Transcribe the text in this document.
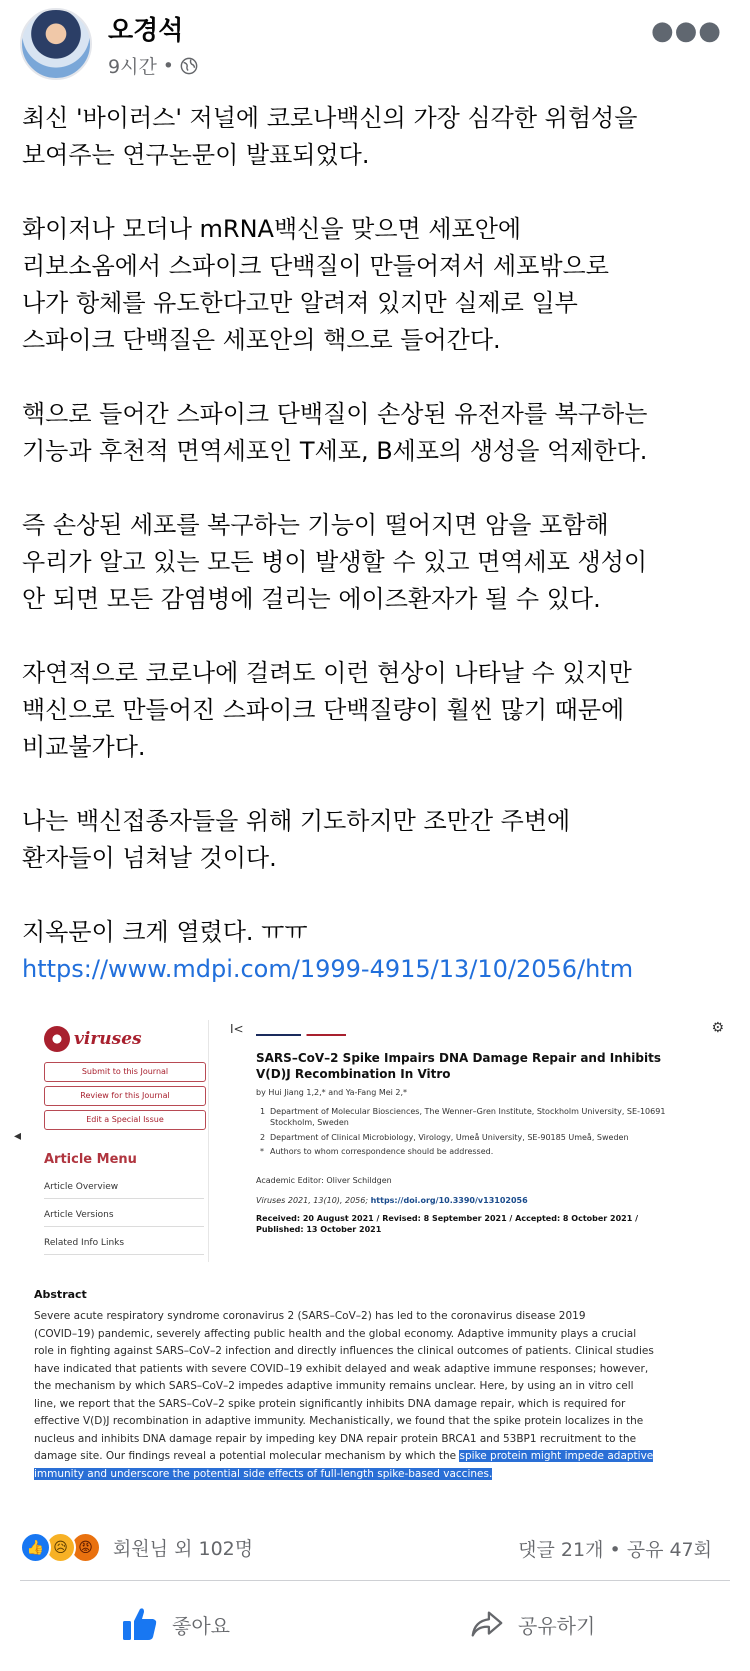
오경석
9시간 •
●●●

최신 '바이러스' 저널에 코로나백신의 가장 심각한 위험성을
보여주는 연구논문이 발표되었다.

화이저나 모더나 mRNA백신을 맞으면 세포안에
리보소옴에서 스파이크 단백질이 만들어져서 세포밖으로
나가 항체를 유도한다고만 알려져 있지만 실제로 일부
스파이크 단백질은 세포안의 핵으로 들어간다.

핵으로 들어간 스파이크 단백질이 손상된 유전자를 복구하는
기능과 후천적 면역세포인 T세포, B세포의 생성을 억제한다.

즉 손상된 세포를 복구하는 기능이 떨어지면 암을 포함해
우리가 알고 있는 모든 병이 발생할 수 있고 면역세포 생성이
안 되면 모든 감염병에 걸리는 에이즈환자가 될 수 있다.

자연적으로 코로나에 걸려도 이런 현상이 나타날 수 있지만
백신으로 만들어진 스파이크 단백질량이 훨씬 많기 때문에
비교불가다.

나는 백신접종자들을 위해 기도하지만 조만간 주변에
환자들이 넘쳐날 것이다.

지옥문이 크게 열렸다. ㅠㅠ
https://www.mdpi.com/1999-4915/13/10/2056/htm

◂
viruses
Submit to this Journal
Review for this Journal
Edit a Special Issue
Article Menu
Article Overview
Article Versions
Related Info Links
I<	⚙
SARS–CoV–2 Spike Impairs DNA Damage Repair and Inhibits V(D)J Recombination In Vitro
by Hui Jiang 1,2,* and Ya-Fang Mei 2,*
1 Department of Molecular Biosciences, The Wenner–Gren Institute, Stockholm University, SE-10691 Stockholm, Sweden
2 Department of Clinical Microbiology, Virology, Umeå University, SE-90185 Umeå, Sweden
* Authors to whom correspondence should be addressed.
Academic Editor: Oliver Schildgen
Viruses 2021, 13(10), 2056; https://doi.org/10.3390/v13102056
Received: 20 August 2021 / Revised: 8 September 2021 / Accepted: 8 October 2021 / Published: 13 October 2021
Abstract
Severe acute respiratory syndrome coronavirus 2 (SARS–CoV–2) has led to the coronavirus disease 2019
(COVID–19) pandemic, severely affecting public health and the global economy. Adaptive immunity plays a crucial
role in fighting against SARS–CoV–2 infection and directly influences the clinical outcomes of patients. Clinical studies
have indicated that patients with severe COVID–19 exhibit delayed and weak adaptive immune responses; however,
the mechanism by which SARS–CoV–2 impedes adaptive immunity remains unclear. Here, by using an in vitro cell
line, we report that the SARS–CoV–2 spike protein significantly inhibits DNA damage repair, which is required for
effective V(D)J recombination in adaptive immunity. Mechanistically, we found that the spike protein localizes in the
nucleus and inhibits DNA damage repair by impeding key DNA repair protein BRCA1 and 53BP1 recruitment to the
damage site. Our findings reveal a potential molecular mechanism by which the spike protein might impede adaptive
immunity and underscore the potential side effects of full-length spike-based vaccines.
👍 😥 😡	회원님 외 102명	댓글 21개 • 공유 47회
좋아요	공유하기
